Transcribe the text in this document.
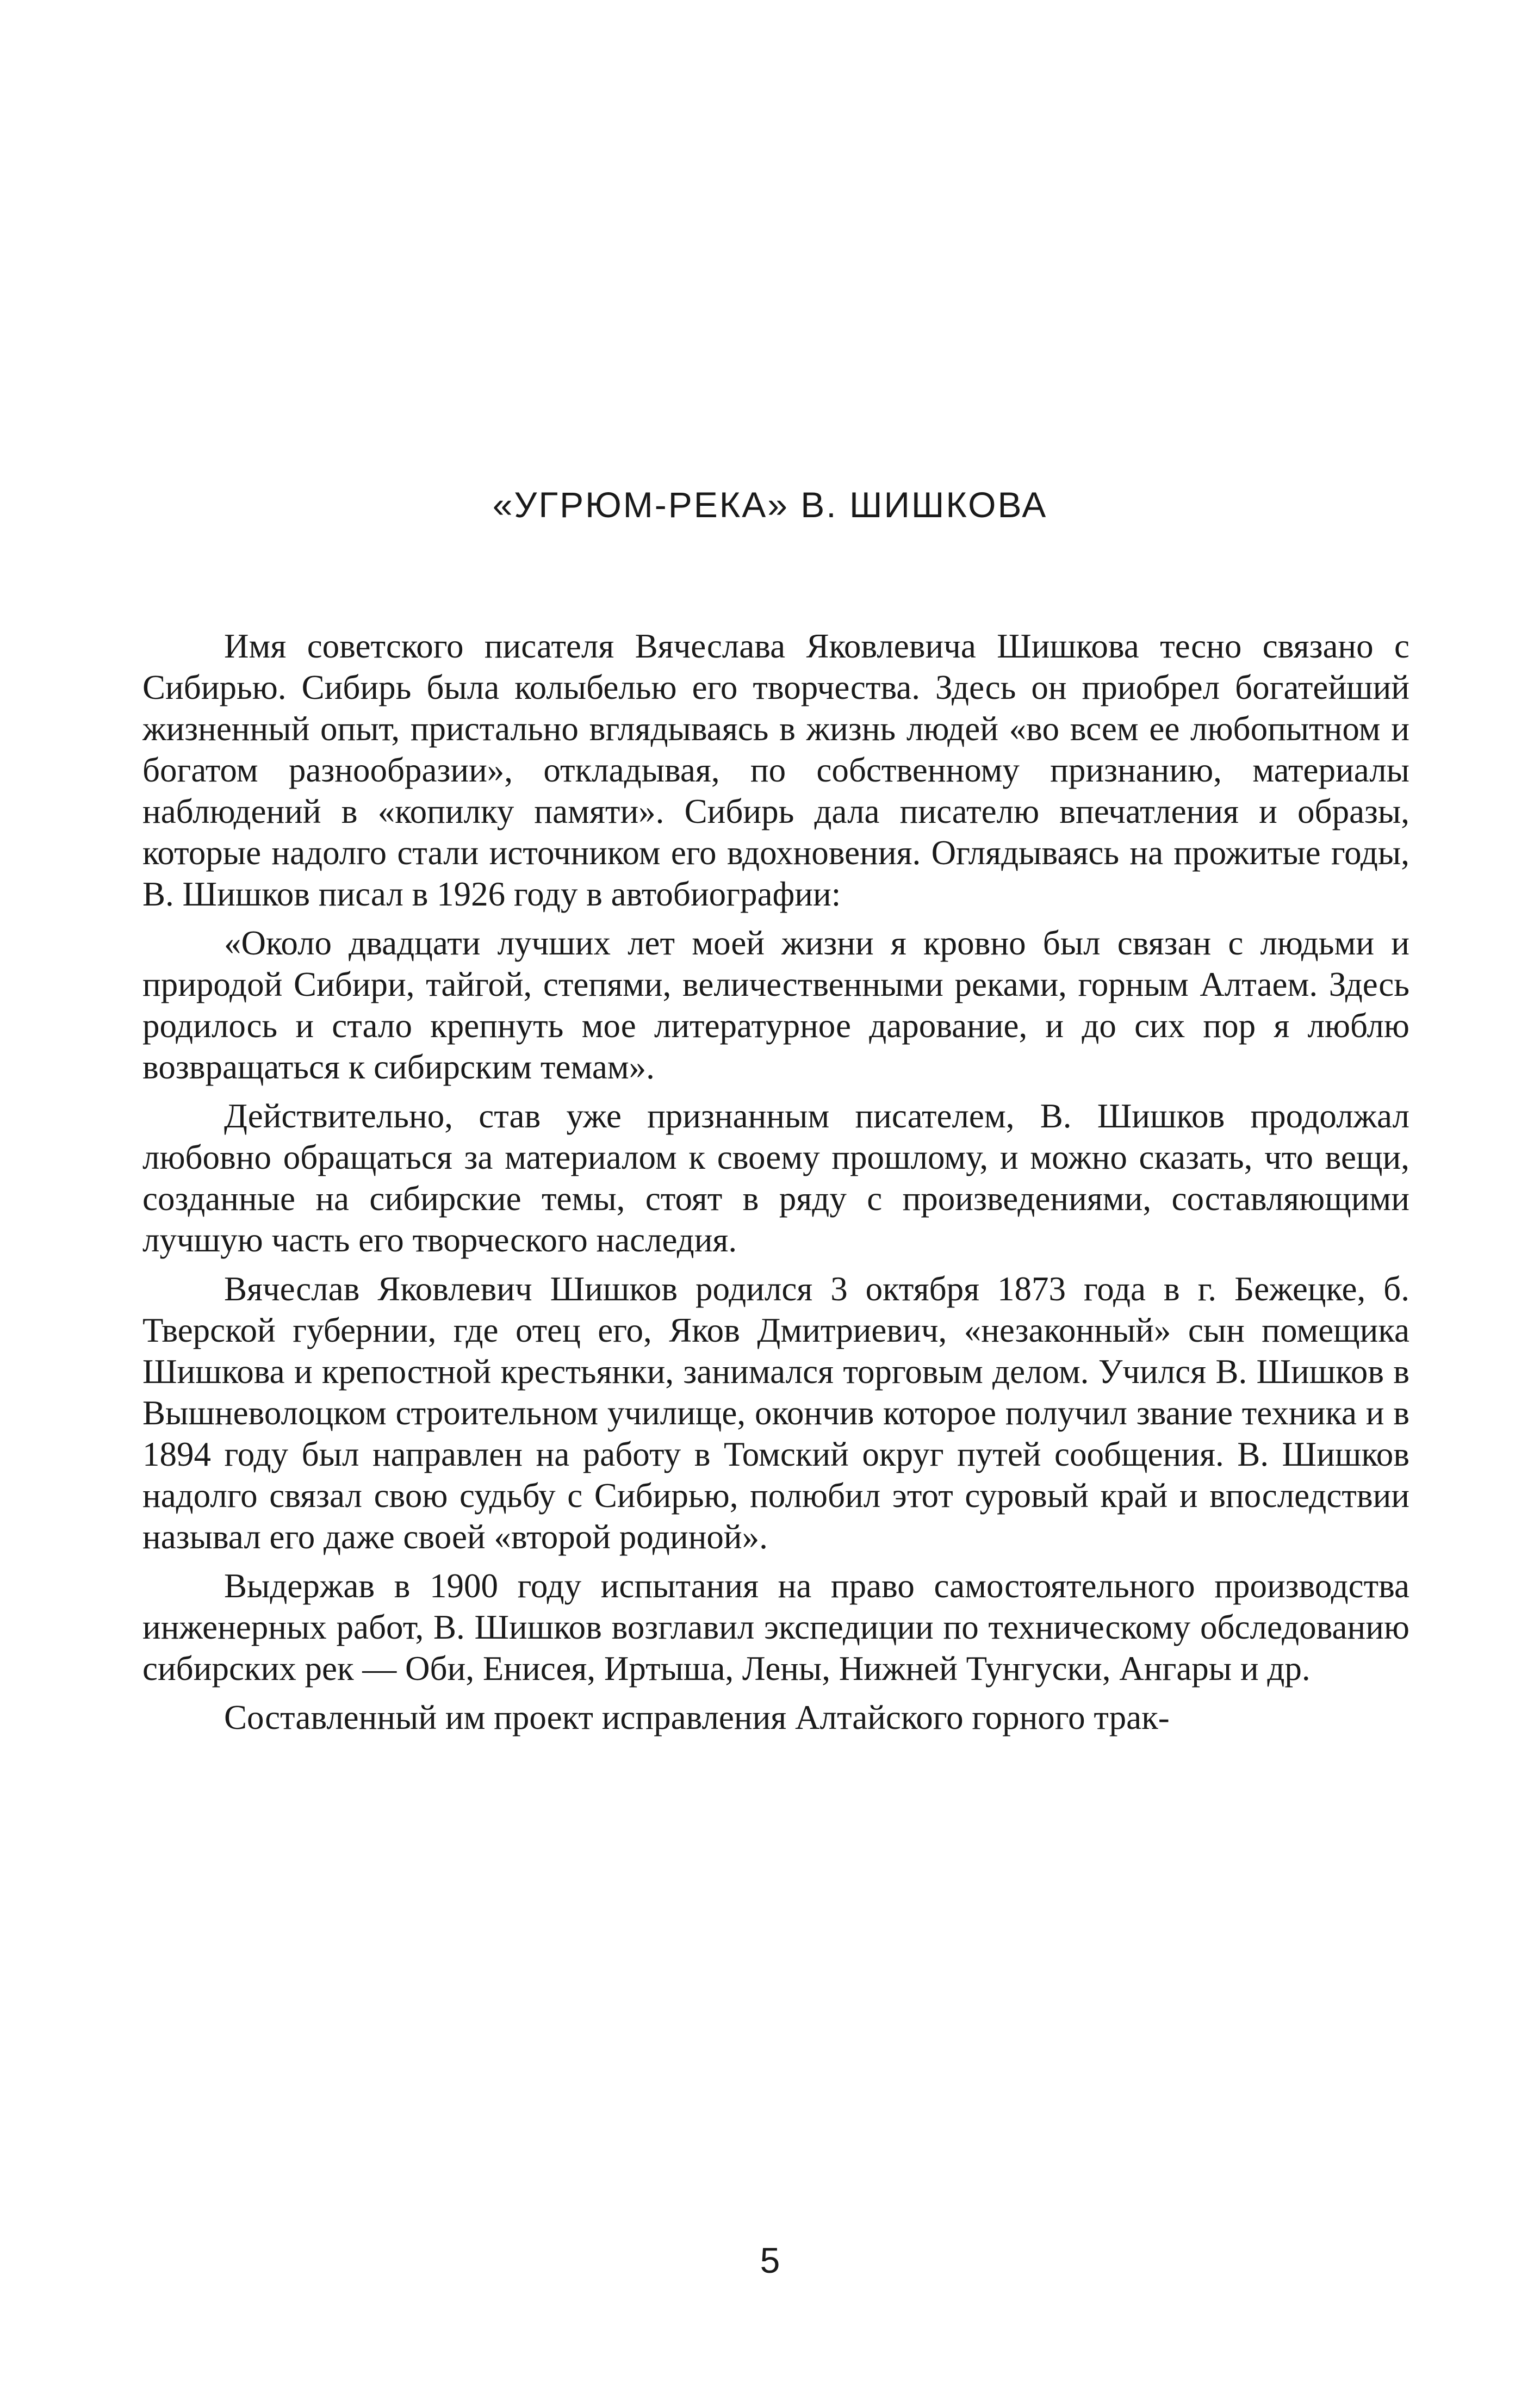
«УГРЮМ-РЕКА» В. ШИШКОВА

Имя советского писателя Вячеслава Яковлевича Шишкова тесно связано с Сибирью. Сибирь была колыбелью его творчества. Здесь он приобрел богатейший жизненный опыт, пристально вглядываясь в жизнь людей «во всем ее любопытном и богатом разнообразии», откладывая, по собственному признанию, материалы наблюдений в «копилку памяти». Сибирь дала писателю впечатления и образы, которые надолго стали источником его вдохновения. Оглядываясь на прожитые годы, В. Шишков писал в 1926 году в автобиографии:

«Около двадцати лучших лет моей жизни я кровно был связан с людьми и природой Сибири, тайгой, степями, величественными реками, горным Алтаем. Здесь родилось и стало крепнуть мое литературное дарование, и до сих пор я люблю возвращаться к сибирским темам».

Действительно, став уже признанным писателем, В. Шишков продолжал любовно обращаться за материалом к своему прошлому, и можно сказать, что вещи, созданные на сибирские темы, стоят в ряду с произведениями, составляющими лучшую часть его творческого наследия.

Вячеслав Яковлевич Шишков родился 3 октября 1873 года в г. Бежецке, б. Тверской губернии, где отец его, Яков Дмитриевич, «незаконный» сын помещика Шишкова и крепостной крестьянки, занимался торговым делом. Учился В. Шишков в Вышневолоцком строительном училище, окончив которое получил звание техника и в 1894 году был направлен на работу в Томский округ путей сообщения. В. Шишков надолго связал свою судьбу с Сибирью, полюбил этот суровый край и впоследствии называл его даже своей «второй родиной».

Выдержав в 1900 году испытания на право самостоятельного производства инженерных работ, В. Шишков возглавил экспедиции по техническому обследованию сибирских рек — Оби, Енисея, Иртыша, Лены, Нижней Тунгуски, Ангары и др.

Составленный им проект исправления Алтайского горного трак-

5
